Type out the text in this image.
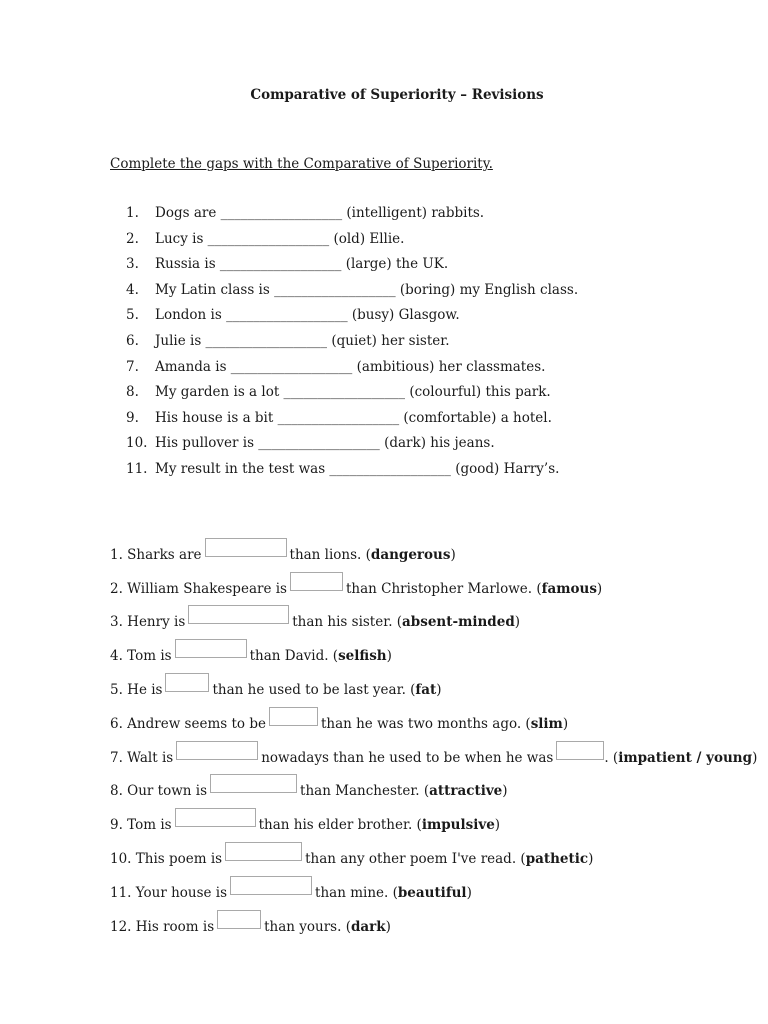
Comparative of Superiority – Revisions
Complete the gaps with the Comparative of Superiority.
1.	Dogs are __________________ (intelligent) rabbits.
2.	Lucy is __________________ (old) Ellie.
3.	Russia is __________________ (large) the UK.
4.	My Latin class is __________________ (boring) my English class.
5.	London is __________________ (busy) Glasgow.
6.	Julie is __________________ (quiet) her sister.
7.	Amanda is __________________ (ambitious) her classmates.
8.	My garden is a lot __________________ (colourful) this park.
9.	His house is a bit __________________ (comfortable) a hotel.
10. His pullover is __________________ (dark) his jeans.
11. My result in the test was __________________ (good) Harry’s.
1. Sharks are	than lions. (dangerous)
2. William Shakespeare is	than Christopher Marlowe. (famous)
3. Henry is	than his sister. (absent-minded)
4. Tom is	than David. (selfish)
5. He is	than he used to be last year. (fat)
6. Andrew seems to be	than he was two months ago. (slim)
7. Walt is	nowadays than he used to be when he was	. (impatient / young)
8. Our town is	than Manchester. (attractive)
9. Tom is	than his elder brother. (impulsive)
10. This poem is	than any other poem I've read. (pathetic)
11. Your house is	than mine. (beautiful)
12. His room is	than yours. (dark)
